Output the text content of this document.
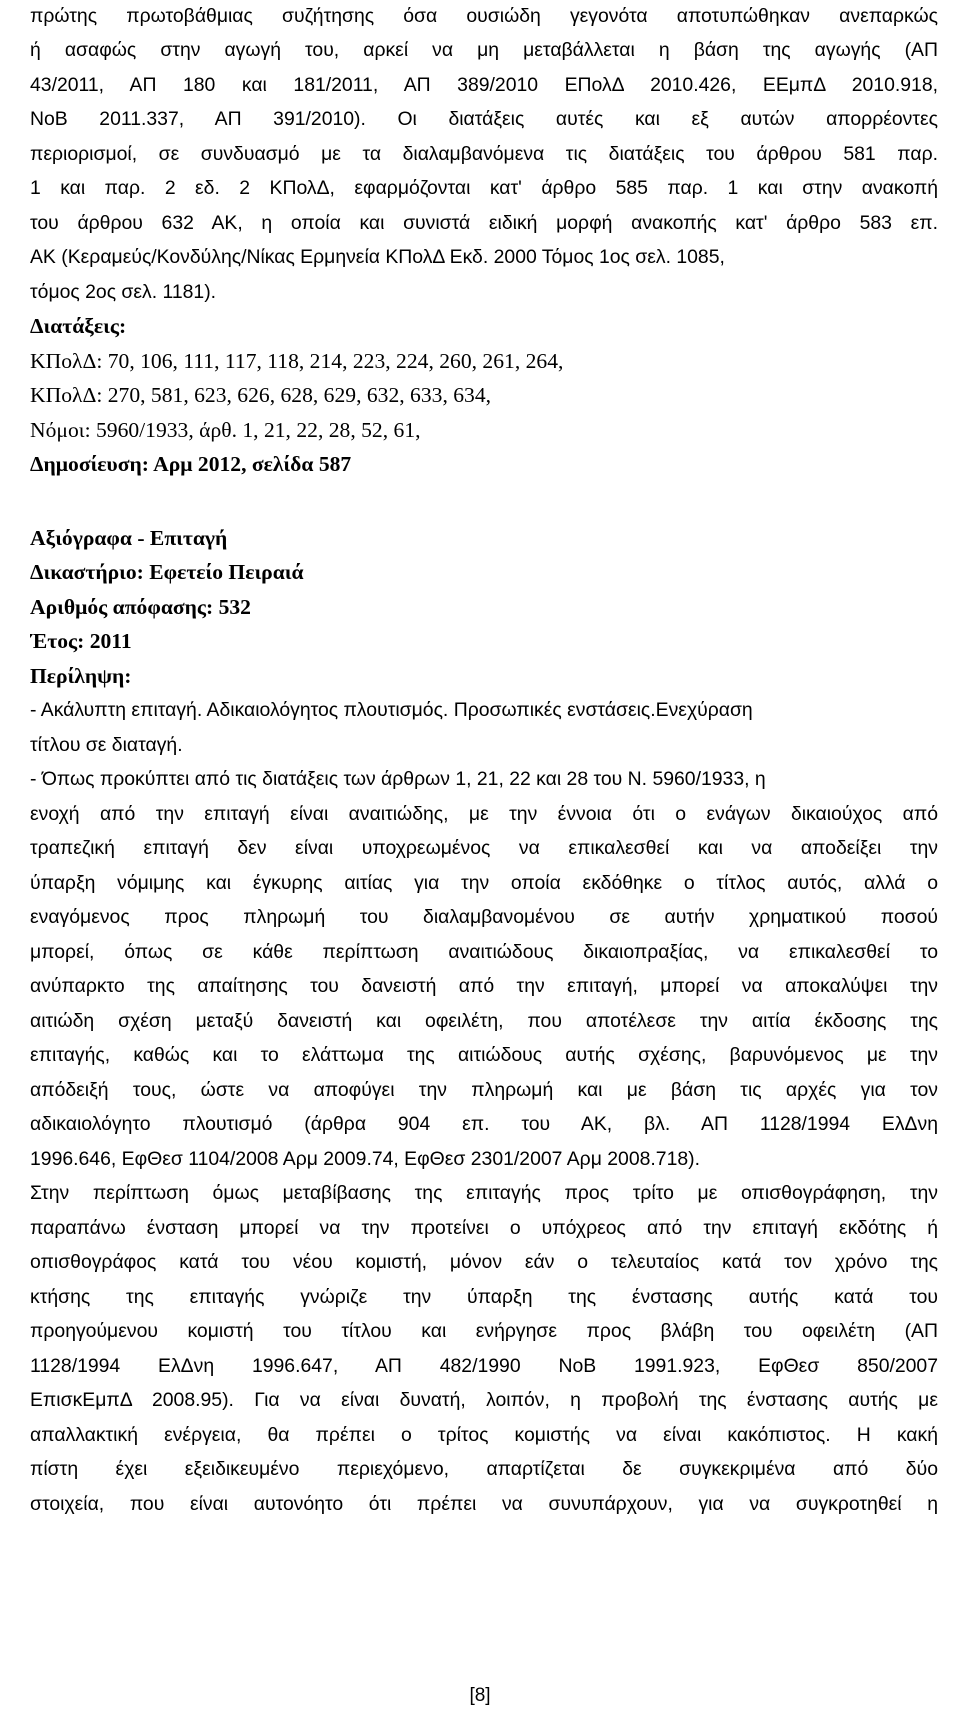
πρώτης πρωτοβάθμιας συζήτησης όσα ουσιώδη γεγονότα αποτυπώθηκαν ανεπαρκώς
ή ασαφώς στην αγωγή του, αρκεί να μη μεταβάλλεται η βάση της αγωγής (ΑΠ
43/2011, ΑΠ 180 και 181/2011, ΑΠ 389/2010 ΕΠολΔ 2010.426, ΕΕμπΔ 2010.918,
ΝοΒ 2011.337, ΑΠ 391/2010). Οι διατάξεις αυτές και εξ αυτών απορρέοντες
περιορισμοί, σε συνδυασμό με τα διαλαμβανόμενα τις διατάξεις του άρθρου 581 παρ.
1 και παρ. 2 εδ. 2 ΚΠολΔ, εφαρμόζονται κατ' άρθρο 585 παρ. 1 και στην ανακοπή
του άρθρου 632 ΑΚ, η οποία και συνιστά ειδική μορφή ανακοπής κατ' άρθρο 583 επ.
ΑΚ (Κεραμεύς/Κονδύλης/Νίκας Ερμηνεία ΚΠολΔ Εκδ. 2000 Τόμος 1ος σελ. 1085,
τόμος 2ος σελ. 1181).
Διατάξεις:
ΚΠολΔ: 70, 106, 111, 117, 118, 214, 223, 224, 260, 261, 264,
ΚΠολΔ: 270, 581, 623, 626, 628, 629, 632, 633, 634,
Νόμοι: 5960/1933, άρθ. 1, 21, 22, 28, 52, 61,
Δημοσίευση: Αρμ 2012, σελίδα 587
Αξιόγραφα - Επιταγή
Δικαστήριο: Εφετείο Πειραιά
Αριθμός απόφασης: 532
Έτος: 2011
Περίληψη:
- Ακάλυπτη επιταγή. Αδικαιολόγητος πλουτισμός. Προσωπικές ενστάσεις.Ενεχύραση
τίτλου σε διαταγή.
- Όπως προκύπτει από τις διατάξεις των άρθρων 1, 21, 22 και 28 του Ν. 5960/1933, η
ενοχή από την επιταγή είναι αναιτιώδης, με την έννοια ότι ο ενάγων δικαιούχος από
τραπεζική επιταγή δεν είναι υποχρεωμένος να επικαλεσθεί και να αποδείξει την
ύπαρξη νόμιμης και έγκυρης αιτίας για την οποία εκδόθηκε ο τίτλος αυτός, αλλά ο
εναγόμενος προς πληρωμή του διαλαμβανομένου σε αυτήν χρηματικού ποσού
μπορεί, όπως σε κάθε περίπτωση αναιτιώδους δικαιοπραξίας, να επικαλεσθεί το
ανύπαρκτο της απαίτησης του δανειστή από την επιταγή, μπορεί να αποκαλύψει την
αιτιώδη σχέση μεταξύ δανειστή και οφειλέτη, που αποτέλεσε την αιτία έκδοσης της
επιταγής, καθώς και το ελάττωμα της αιτιώδους αυτής σχέσης, βαρυνόμενος με την
απόδειξή τους, ώστε να αποφύγει την πληρωμή και με βάση τις αρχές για τον
αδικαιολόγητο πλουτισμό (άρθρα 904 επ. του ΑΚ, βλ. ΑΠ 1128/1994 ΕλΔνη
1996.646, ΕφΘεσ 1104/2008 Αρμ 2009.74, ΕφΘεσ 2301/2007 Αρμ 2008.718).
Στην περίπτωση όμως μεταβίβασης της επιταγής προς τρίτο με οπισθογράφηση, την
παραπάνω ένσταση μπορεί να την προτείνει ο υπόχρεος από την επιταγή εκδότης ή
οπισθογράφος κατά του νέου κομιστή, μόνον εάν ο τελευταίος κατά τον χρόνο της
κτήσης της επιταγής γνώριζε την ύπαρξη της ένστασης αυτής κατά του
προηγούμενου κομιστή του τίτλου και ενήργησε προς βλάβη του οφειλέτη (ΑΠ
1128/1994 ΕλΔνη 1996.647, ΑΠ 482/1990 ΝοΒ 1991.923, ΕφΘεσ 850/2007
ΕπισκΕμπΔ 2008.95). Για να είναι δυνατή, λοιπόν, η προβολή της ένστασης αυτής με
απαλλακτική ενέργεια, θα πρέπει ο τρίτος κομιστής να είναι κακόπιστος. Η κακή
πίστη έχει εξειδικευμένο περιεχόμενο, απαρτίζεται δε συγκεκριμένα από δύο
στοιχεία, που είναι αυτονόητο ότι πρέπει να συνυπάρχουν, για να συγκροτηθεί η
[8]
